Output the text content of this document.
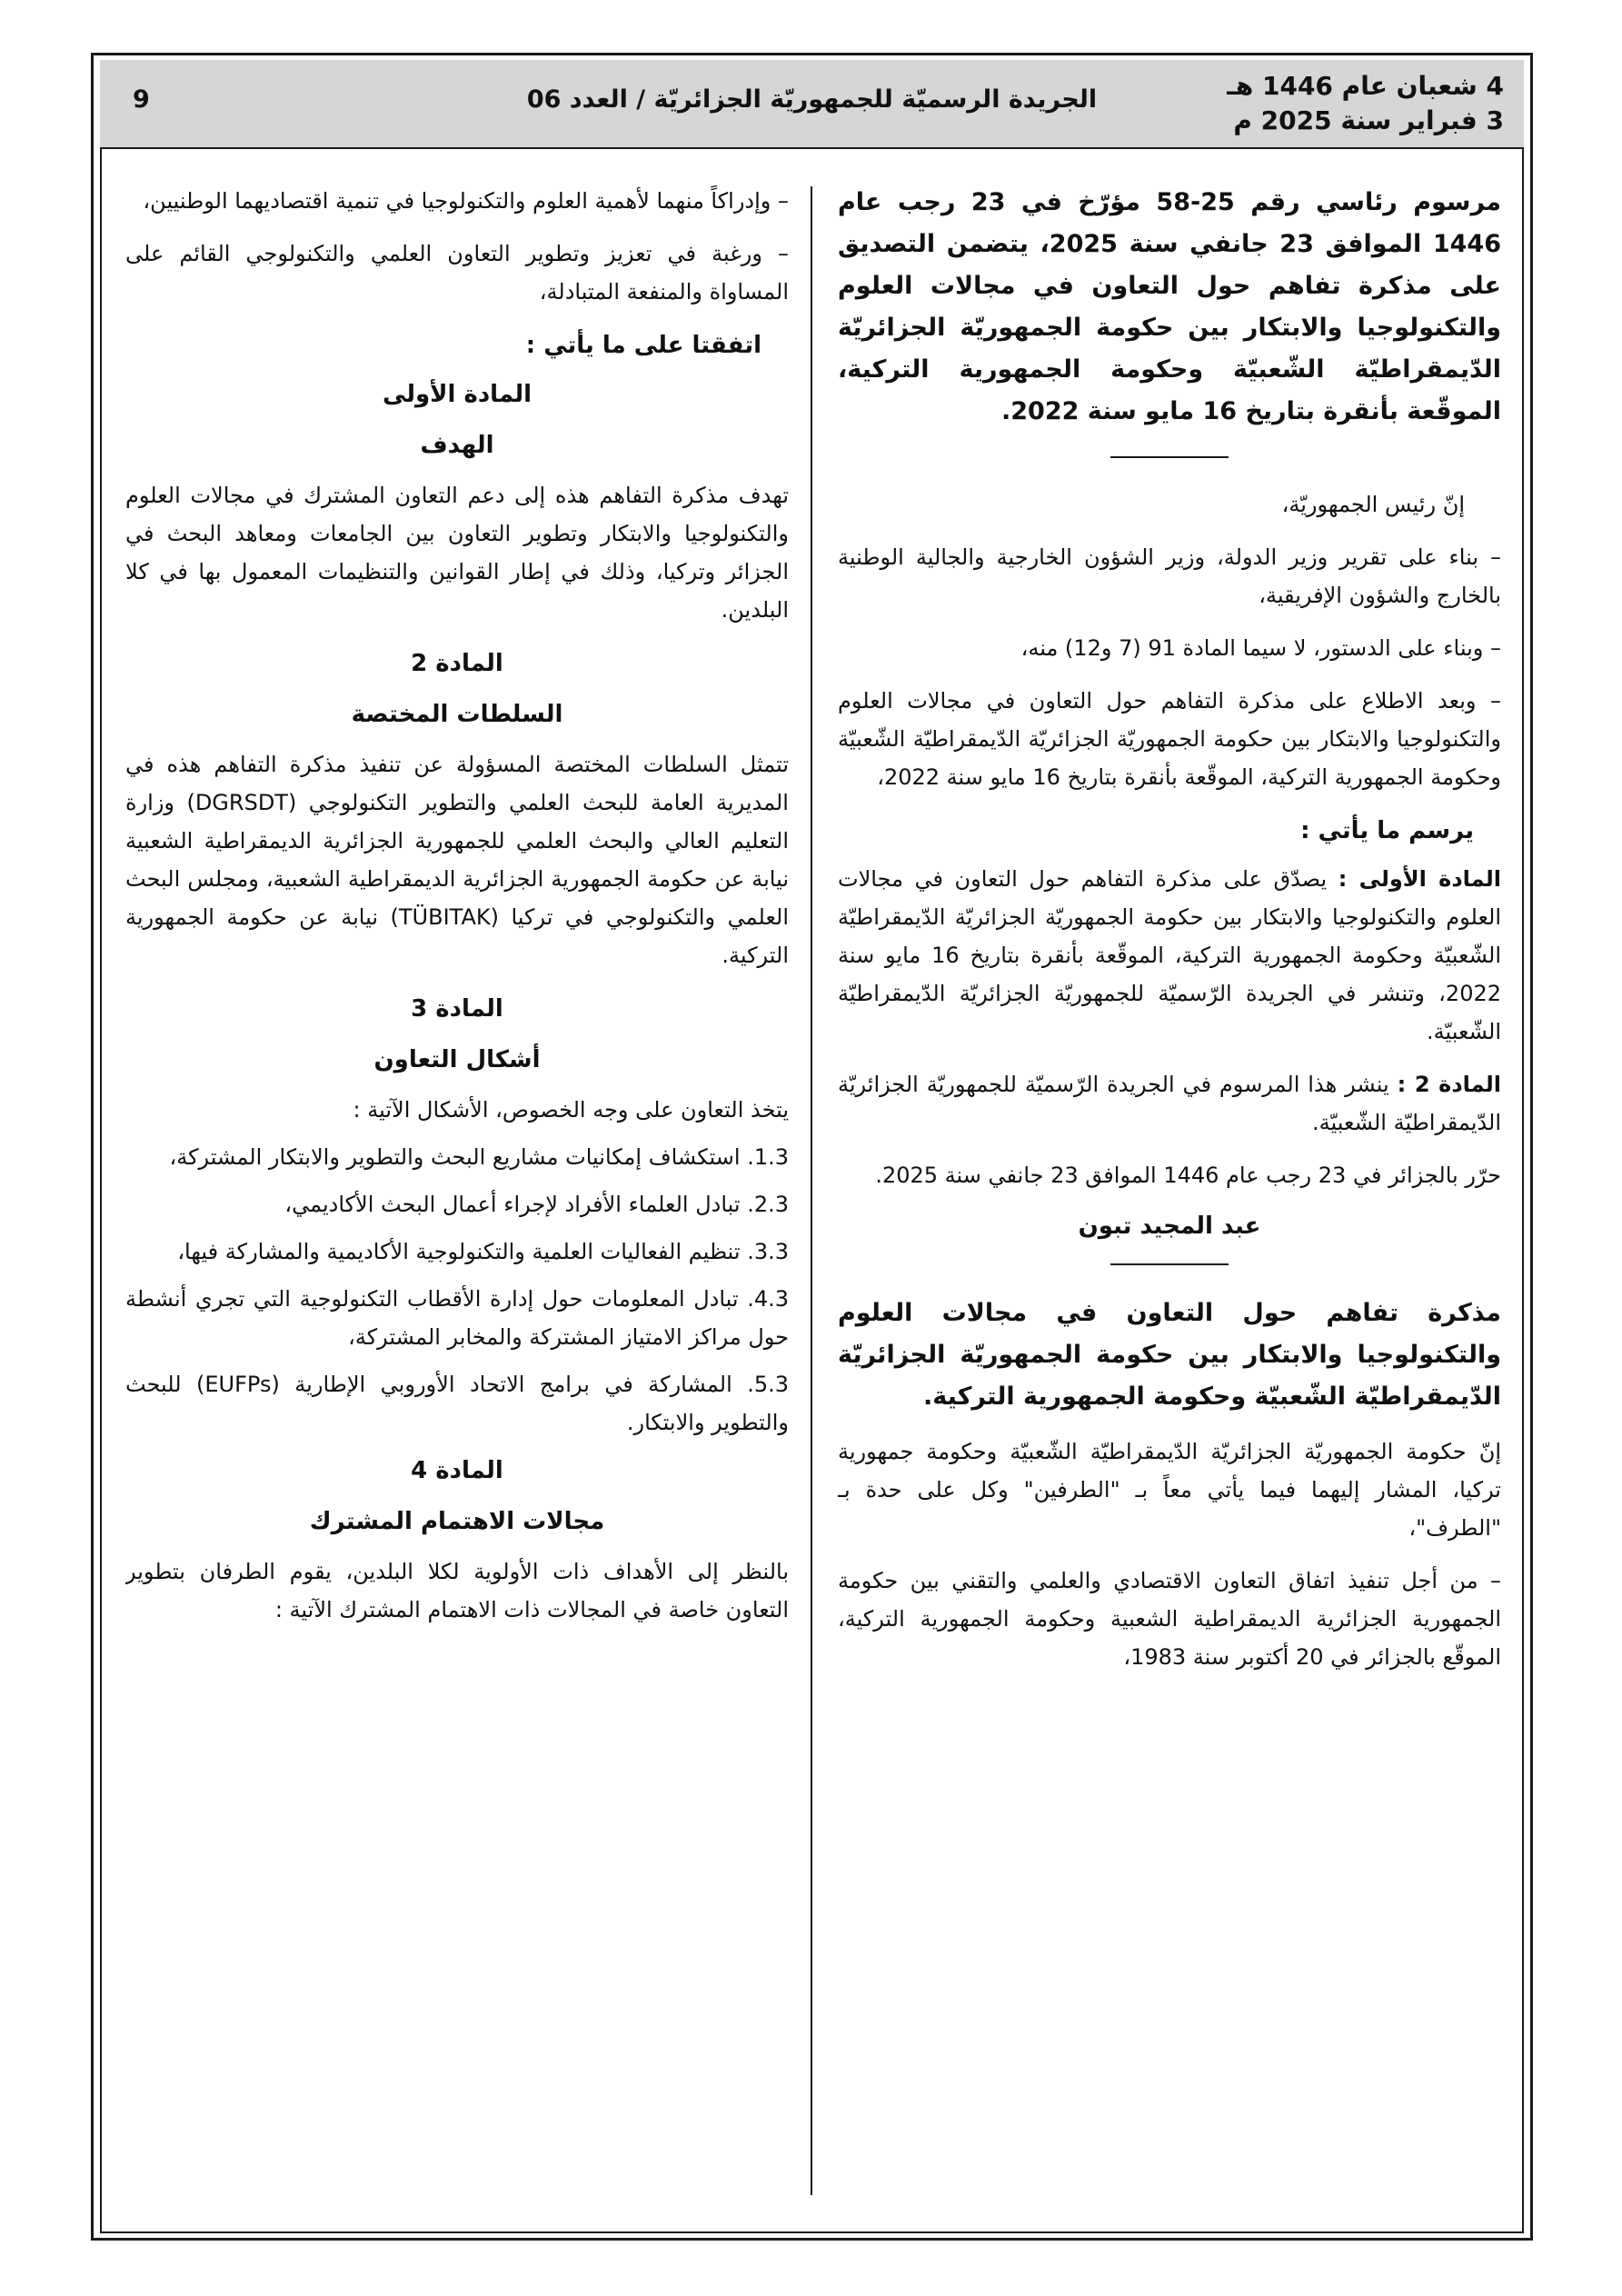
4 شعبان عام 1446 هـ
3 فبراير سنة 2025 م
الجريدة الرسميّة للجمهوريّة الجزائريّة / العدد 06
9
مرسوم رئاسي رقم 25-58 مؤرّخ في 23 رجب عام 1446 الموافق 23 جانفي سنة 2025، يتضمن التصديق على مذكرة تفاهم حول التعاون في مجالات العلوم والتكنولوجيا والابتكار بين حكومة الجمهوريّة الجزائريّة الدّيمقراطيّة الشّعبيّة وحكومة الجمهورية التركية، الموقّعة بأنقرة بتاريخ 16 مايو سنة 2022.

إنّ رئيس الجمهوريّة،

– بناء على تقرير وزير الدولة، وزير الشؤون الخارجية والجالية الوطنية بالخارج والشؤون الإفريقية،

– وبناء على الدستور، لا سيما المادة 91 (7 و12) منه،

– وبعد الاطلاع على مذكرة التفاهم حول التعاون في مجالات العلوم والتكنولوجيا والابتكار بين حكومة الجمهوريّة الجزائريّة الدّيمقراطيّة الشّعبيّة وحكومة الجمهورية التركية، الموقّعة بأنقرة بتاريخ 16 مايو سنة 2022،

يرسم ما يأتي :

المادة الأولى : يصدّق على مذكرة التفاهم حول التعاون في مجالات العلوم والتكنولوجيا والابتكار بين حكومة الجمهوريّة الجزائريّة الدّيمقراطيّة الشّعبيّة وحكومة الجمهورية التركية، الموقّعة بأنقرة بتاريخ 16 مايو سنة 2022، وتنشر في الجريدة الرّسميّة للجمهوريّة الجزائريّة الدّيمقراطيّة الشّعبيّة.

المادة 2 : ينشر هذا المرسوم في الجريدة الرّسميّة للجمهوريّة الجزائريّة الدّيمقراطيّة الشّعبيّة.

حرّر بالجزائر في 23 رجب عام 1446 الموافق 23 جانفي سنة 2025.

عبد المجيد تبون
مذكرة تفاهم حول التعاون في مجالات العلوم والتكنولوجيا والابتكار بين حكومة الجمهوريّة الجزائريّة الدّيمقراطيّة الشّعبيّة وحكومة الجمهورية التركية.

إنّ حكومة الجمهوريّة الجزائريّة الدّيمقراطيّة الشّعبيّة وحكومة جمهورية تركيا، المشار إليهما فيما يأتي معاً بـ "الطرفين" وكل على حدة بـ "الطرف"،

– من أجل تنفيذ اتفاق التعاون الاقتصادي والعلمي والتقني بين حكومة الجمهورية الجزائرية الديمقراطية الشعبية وحكومة الجمهورية التركية، الموقّع بالجزائر في 20 أكتوبر سنة 1983،

– وإدراكاً منهما لأهمية العلوم والتكنولوجيا في تنمية اقتصاديهما الوطنيين،

– ورغبة في تعزيز وتطوير التعاون العلمي والتكنولوجي القائم على المساواة والمنفعة المتبادلة،

اتفقتا على ما يأتي :
المادة الأولى
الهدف

تهدف مذكرة التفاهم هذه إلى دعم التعاون المشترك في مجالات العلوم والتكنولوجيا والابتكار وتطوير التعاون بين الجامعات ومعاهد البحث في الجزائر وتركيا، وذلك في إطار القوانين والتنظيمات المعمول بها في كلا البلدين.

المادة 2
السلطات المختصة

تتمثل السلطات المختصة المسؤولة عن تنفيذ مذكرة التفاهم هذه في المديرية العامة للبحث العلمي والتطوير التكنولوجي (DGRSDT) وزارة التعليم العالي والبحث العلمي للجمهورية الجزائرية الديمقراطية الشعبية نيابة عن حكومة الجمهورية الجزائرية الديمقراطية الشعبية، ومجلس البحث العلمي والتكنولوجي في تركيا (TÜBITAK) نيابة عن حكومة الجمهورية التركية.

المادة 3
أشكال التعاون

يتخذ التعاون على وجه الخصوص، الأشكال الآتية :

1.3. استكشاف إمكانيات مشاريع البحث والتطوير والابتكار المشتركة،

2.3. تبادل العلماء الأفراد لإجراء أعمال البحث الأكاديمي،

3.3. تنظيم الفعاليات العلمية والتكنولوجية الأكاديمية والمشاركة فيها،

4.3. تبادل المعلومات حول إدارة الأقطاب التكنولوجية التي تجري أنشطة حول مراكز الامتياز المشتركة والمخابر المشتركة،

5.3. المشاركة في برامج الاتحاد الأوروبي الإطارية (EUFPs) للبحث والتطوير والابتكار.

المادة 4
مجالات الاهتمام المشترك

بالنظر إلى الأهداف ذات الأولوية لكلا البلدين، يقوم الطرفان بتطوير التعاون خاصة في المجالات ذات الاهتمام المشترك الآتية :
